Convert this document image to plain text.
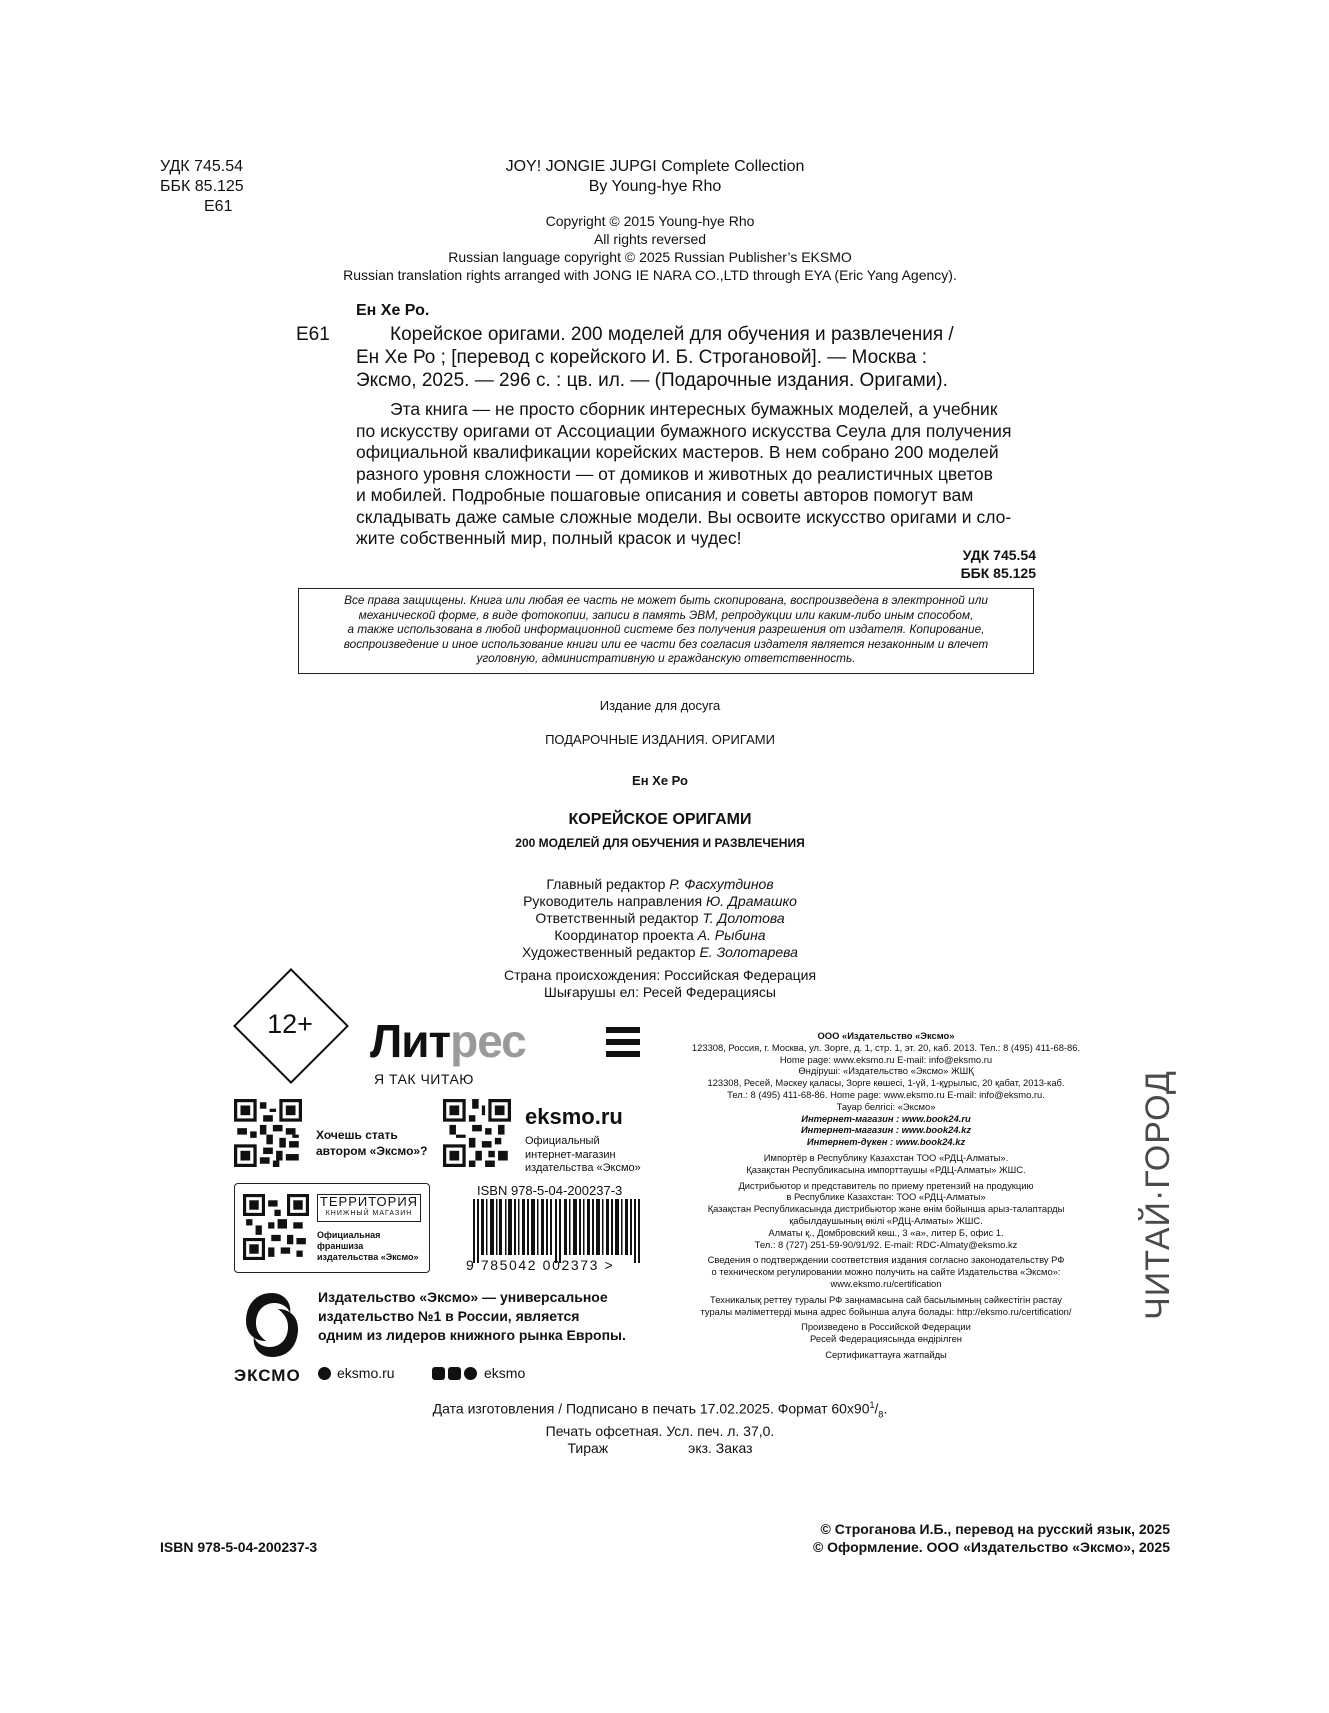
УДК 745.54
ББК 85.125
Е61
JOY! JONGIE JUPGI Complete Collection
By Young-hye Rho
Copyright © 2015 Young-hye Rho
All rights reversed
Russian language copyright © 2025 Russian Publisher’s EKSMO
Russian translation rights arranged with JONG IE NARA CO.,LTD through EYA (Eric Yang Agency).
Ен Хе Ро.
Е61	Корейское оригами. 200 моделей для обучения и развлечения /
Ен Хе Ро ; [перевод с корейского И. Б. Строгановой]. — Москва :
Эксмо, 2025. — 296 с. : цв. ил. — (Подарочные издания. Оригами).
Эта книга — не просто сборник интересных бумажных моделей, а учебник
по искусству оригами от Ассоциации бумажного искусства Сеула для получения
официальной квалификации корейских мастеров. В нем собрано 200 моделей
разного уровня сложности — от домиков и животных до реалистичных цветов
и мобилей. Подробные пошаговые описания и советы авторов помогут вам
складывать даже самые сложные модели. Вы освоите искусство оригами и сло-
жите собственный мир, полный красок и чудес!
УДК 745.54
ББК 85.125
Все права защищены. Книга или любая ее часть не может быть скопирована, воспроизведена в электронной или
механической форме, в виде фотокопии, записи в память ЭВМ, репродукции или каким-либо иным способом,
а также использована в любой информационной системе без получения разрешения от издателя. Копирование,
воспроизведение и иное использование книги или ее части без согласия издателя является незаконным и влечет
уголовную, административную и гражданскую ответственность.
Издание для досуга
ПОДАРОЧНЫЕ ИЗДАНИЯ. ОРИГАМИ
Ен Хе Ро
КОРЕЙСКОЕ ОРИГАМИ
200 МОДЕЛЕЙ ДЛЯ ОБУЧЕНИЯ И РАЗВЛЕЧЕНИЯ
Главный редактор Р. Фасхутдинов
Руководитель направления Ю. Драмашко
Ответственный редактор Т. Долотова
Координатор проекта А. Рыбина
Художественный редактор Е. Золотарева
Страна происхождения: Российская Федерация
Шығарушы ел: Ресей Федерациясы
12+	Литрес
Я ТАК ЧИТАЮ
Хочешь стать
автором «Эксмо»?
eksmo.ru
Официальный
интернет-магазин
издательства «Эксмо»
ТЕРРИТОРИЯ
КНИЖНЫЙ МАГАЗИН
Официальная франшиза
издательства «Эксмо»
ISBN 978-5-04-200237-3
9 785042 002373 >
ЭКСМО
Издательство «Эксмо» — универсальное
издательство №1 в России, является
одним из лидеров книжного рынка Европы.
eksmo.ru	eksmo
ООО «Издательство «Эксмо»
123308, Россия, г. Москва, ул. Зорге, д. 1, стр. 1, эт. 20, каб. 2013. Тел.: 8 (495) 411-68-86.
Home page: www.eksmo.ru E-mail: info@eksmo.ru
Өндіруші: «Издательство «Эксмо» ЖШҚ
123308, Ресей, Мәскеу қаласы, Зорге көшесі, 1-үй, 1-құрылыс, 20 қабат, 2013-каб.
Тел.: 8 (495) 411-68-86. Home page: www.eksmo.ru E-mail: info@eksmo.ru.
Тауар белгісі: «Эксмо»
Интернет-магазин : www.book24.ru
Интернет-магазин : www.book24.kz
Интернет-дүкен : www.book24.kz
Импортёр в Республику Казахстан ТОО «РДЦ-Алматы».
Қазақстан Республикасына импорттаушы «РДЦ-Алматы» ЖШС.
Дистрибьютор и представитель по приему претензий на продукцию
в Республике Казахстан: ТОО «РДЦ-Алматы»
Қазақстан Республикасында дистрибьютор және өнім бойынша арыз-талаптарды
қабылдаушының өкілі «РДЦ-Алматы» ЖШС.
Алматы қ., Домбровский көш., 3 «а», литер Б, офис 1.
Тел.: 8 (727) 251-59-90/91/92. E-mail: RDC-Almaty@eksmo.kz
Сведения о подтверждении соответствия издания согласно законодательству РФ
о техническом регулировании можно получить на сайте Издательства «Эксмо»:
www.eksmo.ru/certification
Техникалық реттеу туралы РФ заңнамасына сай басылымның сәйкестігін растау
туралы мәліметтерді мына адрес бойынша алуға болады: http://eksmo.ru/certification/
Произведено в Российской Федерации
Ресей Федерациясында өндірілген
Сертификаттауға жатпайды
ЧИТАЙ·ГОРОД
Дата изготовления / Подписано в печать 17.02.2025. Формат $60x90^1/_8$.
Печать офсетная. Усл. печ. л. 37,0.
Тираж	экз. Заказ
ISBN 978-5-04-200237-3
© Строганова И.Б., перевод на русский язык, 2025
© Оформление. ООО «Издательство «Эксмо», 2025
